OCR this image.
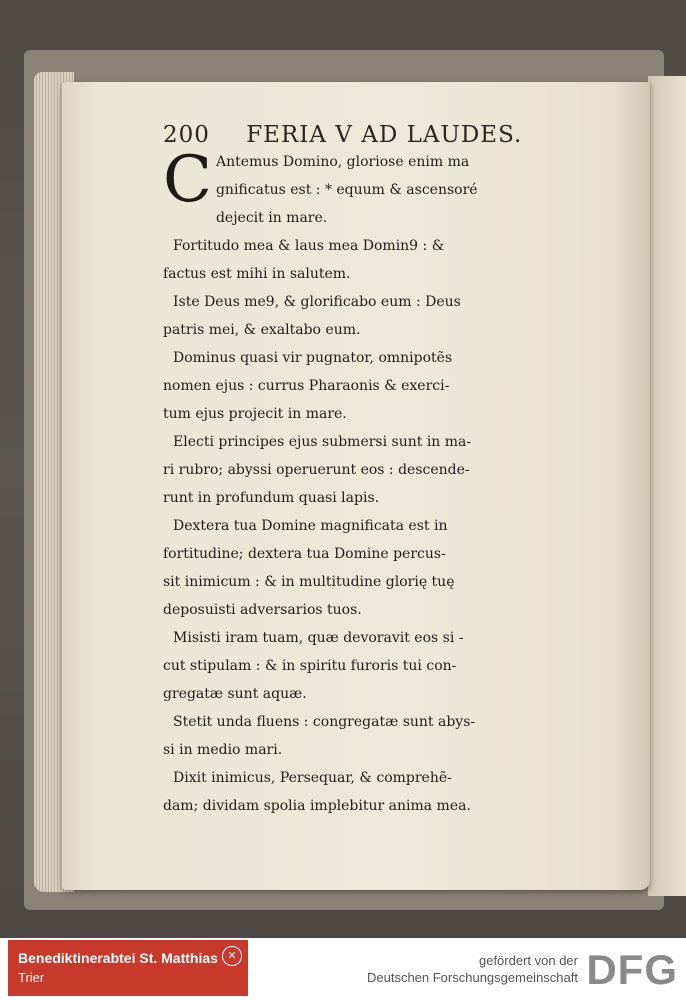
200 FERIA V AD LAUDES.
C Antemus Domino, gloriose enim ma

gnificatus est : * equum & ascensoré

dejecit in mare.

Fortitudo mea & laus mea Domin9 : &

factus est mihi in salutem.

Iste Deus me9, & glorificabo eum : Deus

patris mei, & exaltabo eum.

Dominus quasi vir pugnator, omnipotẽs

nomen ejus : currus Pharaonis & exerci-

tum ejus projecit in mare.

Electi principes ejus submersi sunt in ma-

ri rubro; abyssi operuerunt eos : descende-

runt in profundum quasi lapis.

Dextera tua Domine magnificata est in

fortitudine; dextera tua Domine percus-

sit inimicum : & in multitudine glorię tuę

deposuisti adversarios tuos.

Misisti iram tuam, quæ devoravit eos si -

cut stipulam : & in spiritu furoris tui con-

gregatæ sunt aquæ.

Stetit unda fluens : congregatæ sunt abys-

si in medio mari.

Dixit inimicus, Persequar, & comprehẽ-

dam; dividam spolia implebitur anima mea.

Benediktinerabtei St. Matthias
Trier
✕	gefördert von der
Deutschen Forschungsgemeinschaft DFG
